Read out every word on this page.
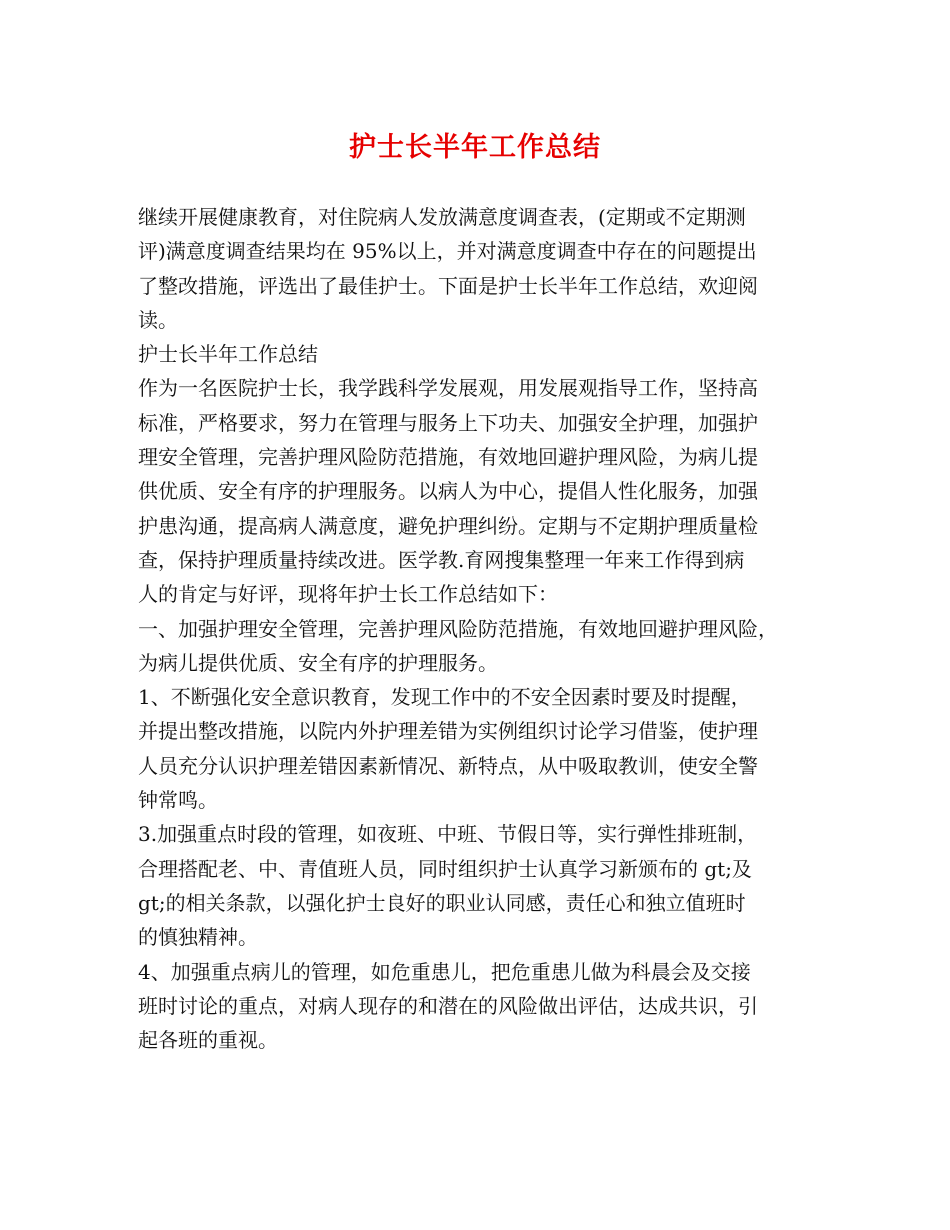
护士长半年工作总结
继续开展健康教育，对住院病人发放满意度调查表，(定期或不定期测
评)满意度调查结果均在 95%以上，并对满意度调查中存在的问题提出
了整改措施，评选出了最佳护士。下面是护士长半年工作总结，欢迎阅
读。
护士长半年工作总结
作为一名医院护士长，我学践科学发展观，用发展观指导工作，坚持高
标准，严格要求，努力在管理与服务上下功夫、加强安全护理，加强护
理安全管理，完善护理风险防范措施，有效地回避护理风险，为病儿提
供优质、安全有序的护理服务。以病人为中心，提倡人性化服务，加强
护患沟通，提高病人满意度，避免护理纠纷。定期与不定期护理质量检
查，保持护理质量持续改进。医学教.育网搜集整理一年来工作得到病
人的肯定与好评，现将年护士长工作总结如下：
一、加强护理安全管理，完善护理风险防范措施，有效地回避护理风险，
为病儿提供优质、安全有序的护理服务。
1、不断强化安全意识教育，发现工作中的不安全因素时要及时提醒，
并提出整改措施，以院内外护理差错为实例组织讨论学习借鉴，使护理
人员充分认识护理差错因素新情况、新特点，从中吸取教训，使安全警
钟常鸣。
3.加强重点时段的管理，如夜班、中班、节假日等，实行弹性排班制，
合理搭配老、中、青值班人员，同时组织护士认真学习新颁布的 gt;及
gt;的相关条款，以强化护士良好的职业认同感，责任心和独立值班时
的慎独精神。
4、加强重点病儿的管理，如危重患儿，把危重患儿做为科晨会及交接
班时讨论的重点，对病人现存的和潜在的风险做出评估，达成共识，引
起各班的重视。
